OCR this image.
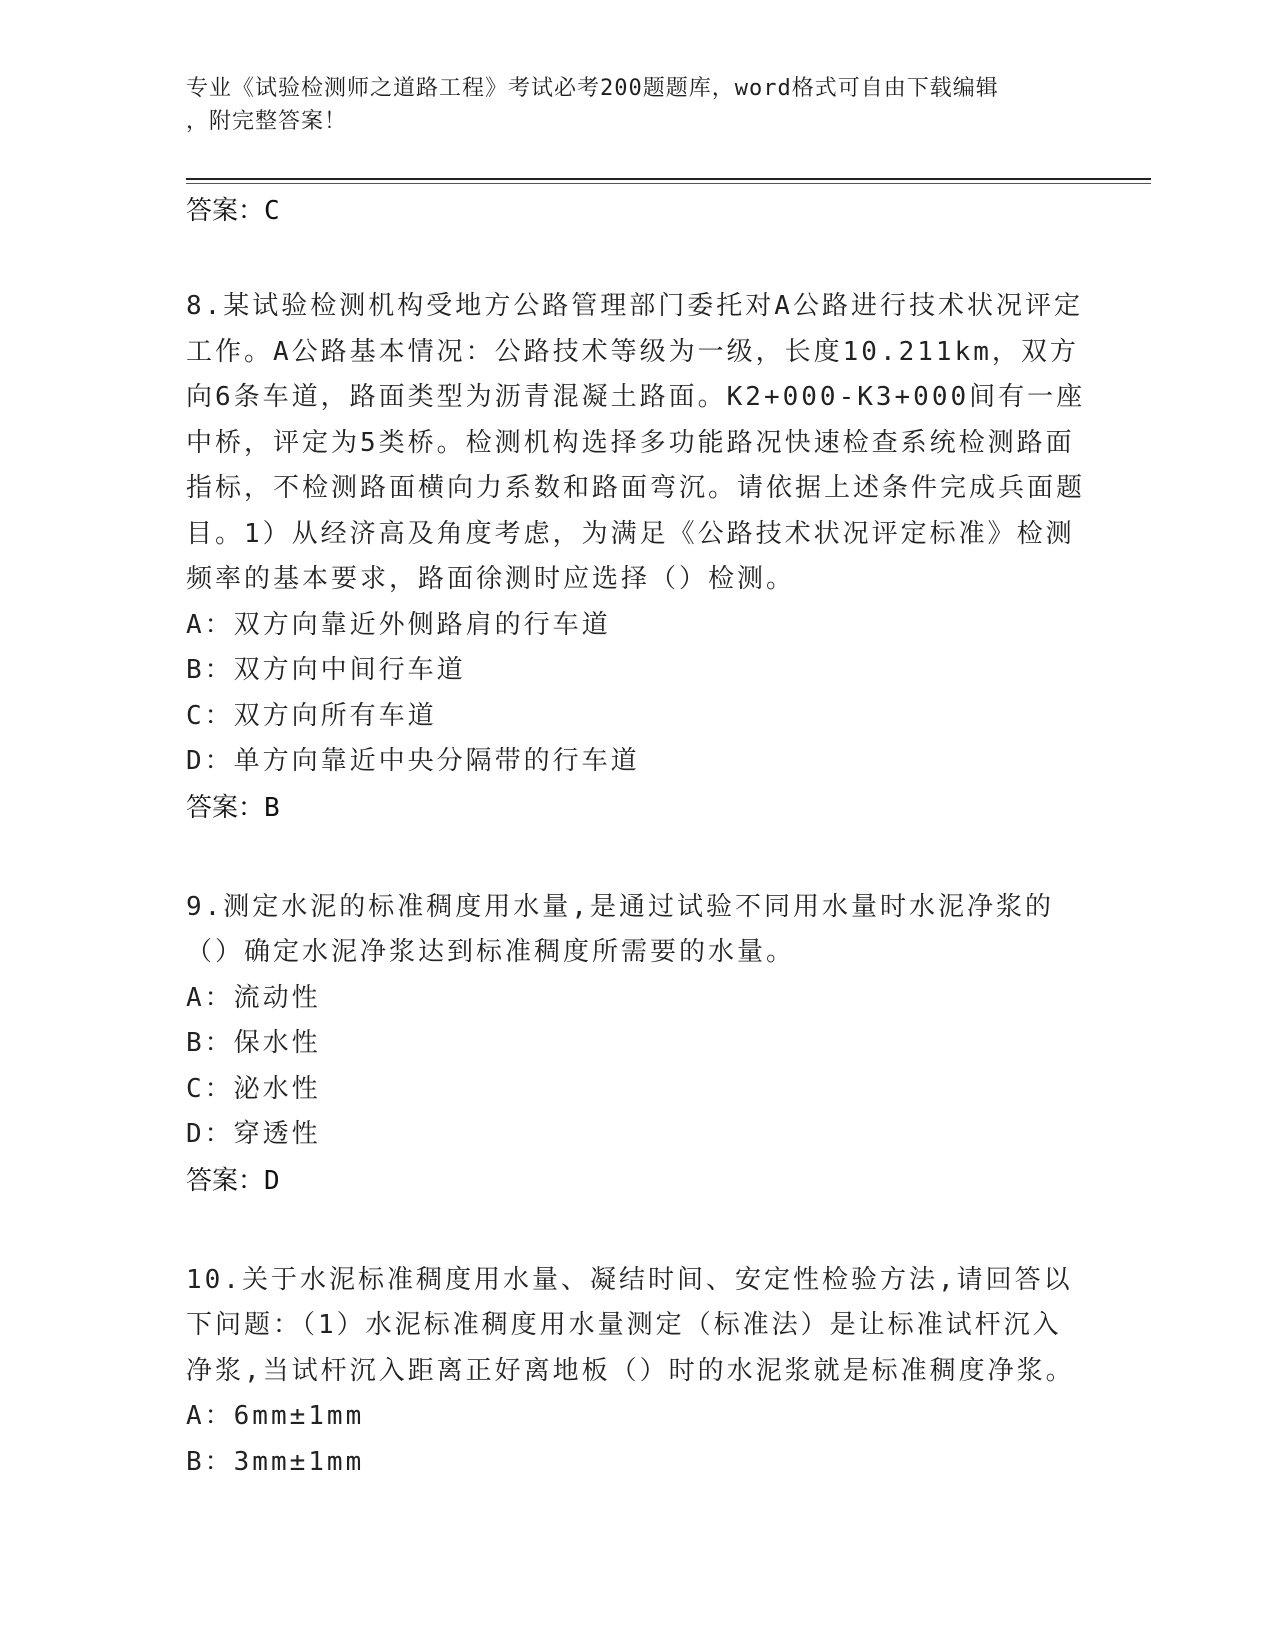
专业《试验检测师之道路工程》考试必考200题题库，word格式可自由下载编辑
，附完整答案！

答案：C

8.某试验检测机构受地方公路管理部门委托对A公路进行技术状况评定工作。A公路基本情况：公路技术等级为一级，长度10.211km，双方向6条车道，路面类型为沥青混凝土路面。K2+000-K3+000间有一座中桥，评定为5类桥。检测机构选择多功能路况快速检查系统检测路面指标，不检测路面横向力系数和路面弯沉。请依据上述条件完成兵面题目。1）从经济高及角度考虑，为满足《公路技术状况评定标准》检测频率的基本要求，路面徐测时应选择（）检测。

A：双方向靠近外侧路肩的行车道

B：双方向中间行车道

C：双方向所有车道

D：单方向靠近中央分隔带的行车道

答案：B

9.测定水泥的标准稠度用水量,是通过试验不同用水量时水泥净浆的（）确定水泥净浆达到标准稠度所需要的水量。

A：流动性

B：保水性

C：泌水性

D：穿透性

答案：D

10.关于水泥标准稠度用水量、凝结时间、安定性检验方法,请回答以下问题：（1）水泥标准稠度用水量测定（标准法）是让标准试杆沉入净浆,当试杆沉入距离正好离地板（）时的水泥浆就是标准稠度净浆。

A：6mm±1mm

B：3mm±1mm
